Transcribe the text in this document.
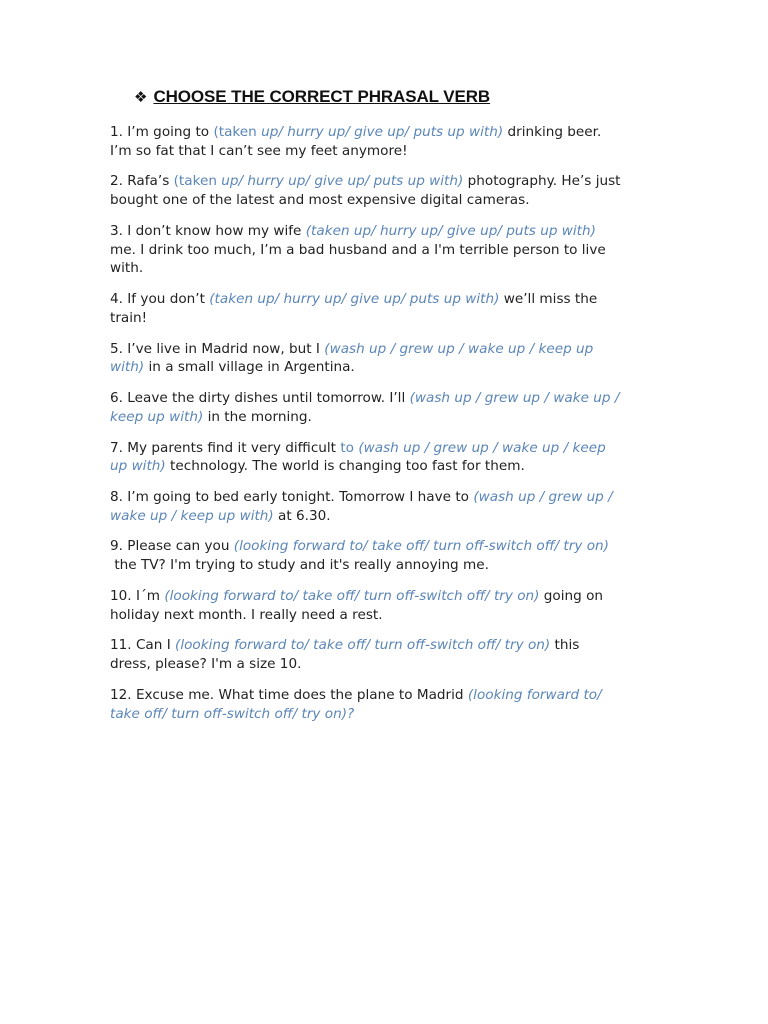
❖ CHOOSE THE CORRECT PHRASAL VERB
1. I’m going to (taken up/ hurry up/ give up/ puts up with) drinking beer.
I’m so fat that I can’t see my feet anymore!
2. Rafa’s (taken up/ hurry up/ give up/ puts up with) photography. He’s just
bought one of the latest and most expensive digital cameras.
3. I don’t know how my wife (taken up/ hurry up/ give up/ puts up with)
me. I drink too much, I’m a bad husband and a I'm terrible person to live
with.
4. If you don’t (taken up/ hurry up/ give up/ puts up with) we’ll miss the
train!
5. I’ve live in Madrid now, but I (wash up / grew up / wake up / keep up
with) in a small village in Argentina.
6. Leave the dirty dishes until tomorrow. I’ll (wash up / grew up / wake up /
keep up with) in the morning.
7. My parents find it very difficult to (wash up / grew up / wake up / keep
up with) technology. The world is changing too fast for them.
8. I’m going to bed early tonight. Tomorrow I have to (wash up / grew up /
wake up / keep up with) at 6.30.
9. Please can you (looking forward to/ take off/ turn off-switch off/ try on)
the TV? I'm trying to study and it's really annoying me.
10. I´m (looking forward to/ take off/ turn off-switch off/ try on) going on
holiday next month. I really need a rest.
11. Can I (looking forward to/ take off/ turn off-switch off/ try on) this
dress, please? I'm a size 10.
12. Excuse me. What time does the plane to Madrid (looking forward to/
take off/ turn off-switch off/ try on)?
